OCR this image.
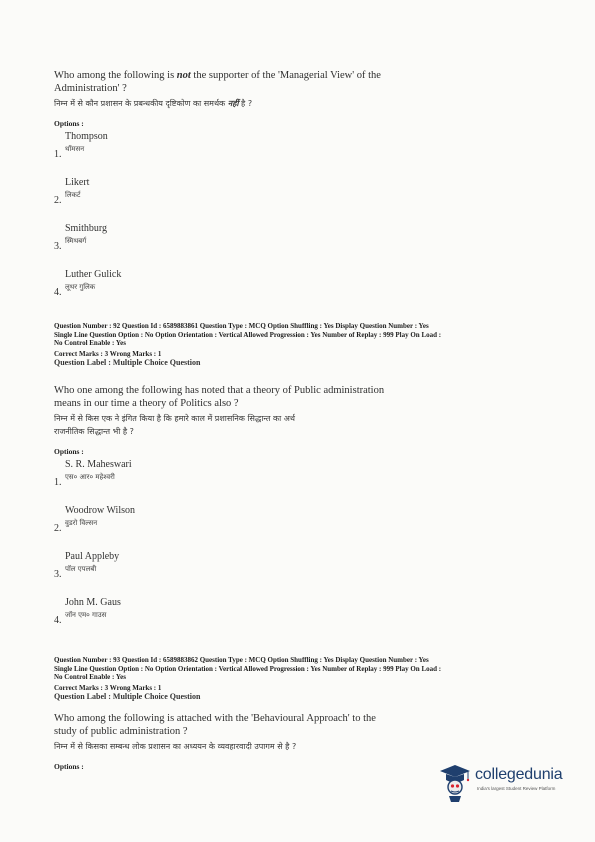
Who among the following is not the supporter of the 'Managerial View' of the
Administration' ?
निम्न में से कौन प्रशासन के प्रबन्धकीय दृष्टिकोण का समर्थक नहीं है ?
Options :
Thompson
1. थॉमसन
Likert
2. लिकर्ट
Smithburg
3. स्मिथबर्ग
Luther Gulick
4. लूथर गुलिक
Question Number : 92 Question Id : 6589883861 Question Type : MCQ Option Shuffling : Yes Display Question Number : Yes
Single Line Question Option : No Option Orientation : Vertical Allowed Progression : Yes Number of Replay : 999 Play On Load :
No Control Enable : Yes
Correct Marks : 3 Wrong Marks : 1
Question Label : Multiple Choice Question
Who one among the following has noted that a theory of Public administration
means in our time a theory of Politics also ?
निम्न में से किस एक ने इंगित किया है कि हमारे काल में प्रशासनिक सिद्धान्त का अर्थ
राजनीतिक सिद्धान्त भी है ?
Options :
S. R. Maheswari
1. एस० आर० महेश्वरी
Woodrow Wilson
2. वुडरो विल्सन
Paul Appleby
3. पॉल एपलबी
John M. Gaus
4. जॉन एम० गाउस
Question Number : 93 Question Id : 6589883862 Question Type : MCQ Option Shuffling : Yes Display Question Number : Yes
Single Line Question Option : No Option Orientation : Vertical Allowed Progression : Yes Number of Replay : 999 Play On Load :
No Control Enable : Yes
Correct Marks : 3 Wrong Marks : 1
Question Label : Multiple Choice Question
Who among the following is attached with the 'Behavioural Approach' to the
study of public administration ?
निम्न में से किसका सम्बन्ध लोक प्रशासन का अध्ययन के व्यवहारवादी उपागम से है ?
Options :	collegedunia
India's largest Student Review Platform
